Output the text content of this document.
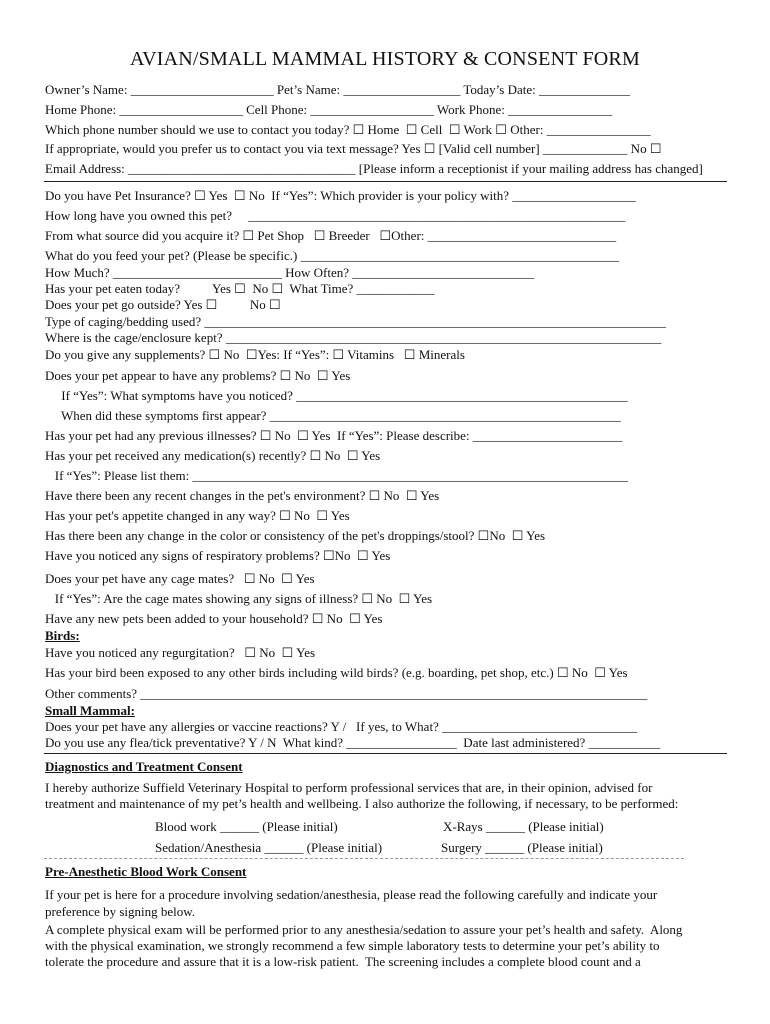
AVIAN/SMALL MAMMAL HISTORY & CONSENT FORM
Owner’s Name: ______________________ Pet’s Name: __________________ Today’s Date: ______________
Home Phone: ___________________ Cell Phone: ___________________ Work Phone: ________________
Which phone number should we use to contact you today? ☐ Home  ☐ Cell  ☐ Work ☐ Other: ________________
If appropriate, would you prefer us to contact you via text message? Yes ☐ [Valid cell number] _____________ No ☐
Email Address: ___________________________________ [Please inform a receptionist if your mailing address has changed]
Do you have Pet Insurance? ☐ Yes  ☐ No  If “Yes”: Which provider is your policy with? ___________________
How long have you owned this pet?     __________________________________________________________
From what source did you acquire it? ☐ Pet Shop   ☐ Breeder   ☐Other: _____________________________
What do you feed your pet? (Please be specific.) _________________________________________________
How Much? __________________________ How Often? ____________________________
Has your pet eaten today?          Yes ☐  No ☐  What Time? ____________
Does your pet go outside? Yes ☐          No ☐
Type of caging/bedding used? _______________________________________________________________________
Where is the cage/enclosure kept? ___________________________________________________________________
Do you give any supplements? ☐ No  ☐Yes: If “Yes”: ☐ Vitamins   ☐ Minerals
Does your pet appear to have any problems? ☐ No  ☐ Yes
If “Yes”: What symptoms have you noticed? ___________________________________________________
When did these symptoms first appear? ______________________________________________________
Has your pet had any previous illnesses? ☐ No  ☐ Yes  If “Yes”: Please describe: _______________________
Has your pet received any medication(s) recently? ☐ No  ☐ Yes
If “Yes”: Please list them: ___________________________________________________________________
Have there been any recent changes in the pet's environment? ☐ No  ☐ Yes
Has your pet's appetite changed in any way? ☐ No  ☐ Yes
Has there been any change in the color or consistency of the pet's droppings/stool? ☐No  ☐ Yes
Have you noticed any signs of respiratory problems? ☐No  ☐ Yes
Does your pet have any cage mates?   ☐ No  ☐ Yes
If “Yes”: Are the cage mates showing any signs of illness? ☐ No  ☐ Yes
Have any new pets been added to your household? ☐ No  ☐ Yes
Birds:
Have you noticed any regurgitation?   ☐ No  ☐ Yes
Has your bird been exposed to any other birds including wild birds? (e.g. boarding, pet shop, etc.) ☐ No  ☐ Yes
Other comments? ______________________________________________________________________________
Small Mammal:
Does your pet have any allergies or vaccine reactions? Y /   If yes, to What? ______________________________
Do you use any flea/tick preventative? Y / N  What kind? _________________  Date last administered? ___________
Diagnostics and Treatment Consent
I hereby authorize Suffield Veterinary Hospital to perform professional services that are, in their opinion, advised for
treatment and maintenance of my pet’s health and wellbeing. I also authorize the following, if necessary, to be performed:
Blood work ______ (Please initial)	X-Rays ______ (Please initial)
Sedation/Anesthesia ______ (Please initial)	Surgery ______ (Please initial)
Pre-Anesthetic Blood Work Consent
If your pet is here for a procedure involving sedation/anesthesia, please read the following carefully and indicate your
preference by signing below.
A complete physical exam will be performed prior to any anesthesia/sedation to assure your pet’s health and safety.  Along
with the physical examination, we strongly recommend a few simple laboratory tests to determine your pet’s ability to
tolerate the procedure and assure that it is a low-risk patient.  The screening includes a complete blood count and a
